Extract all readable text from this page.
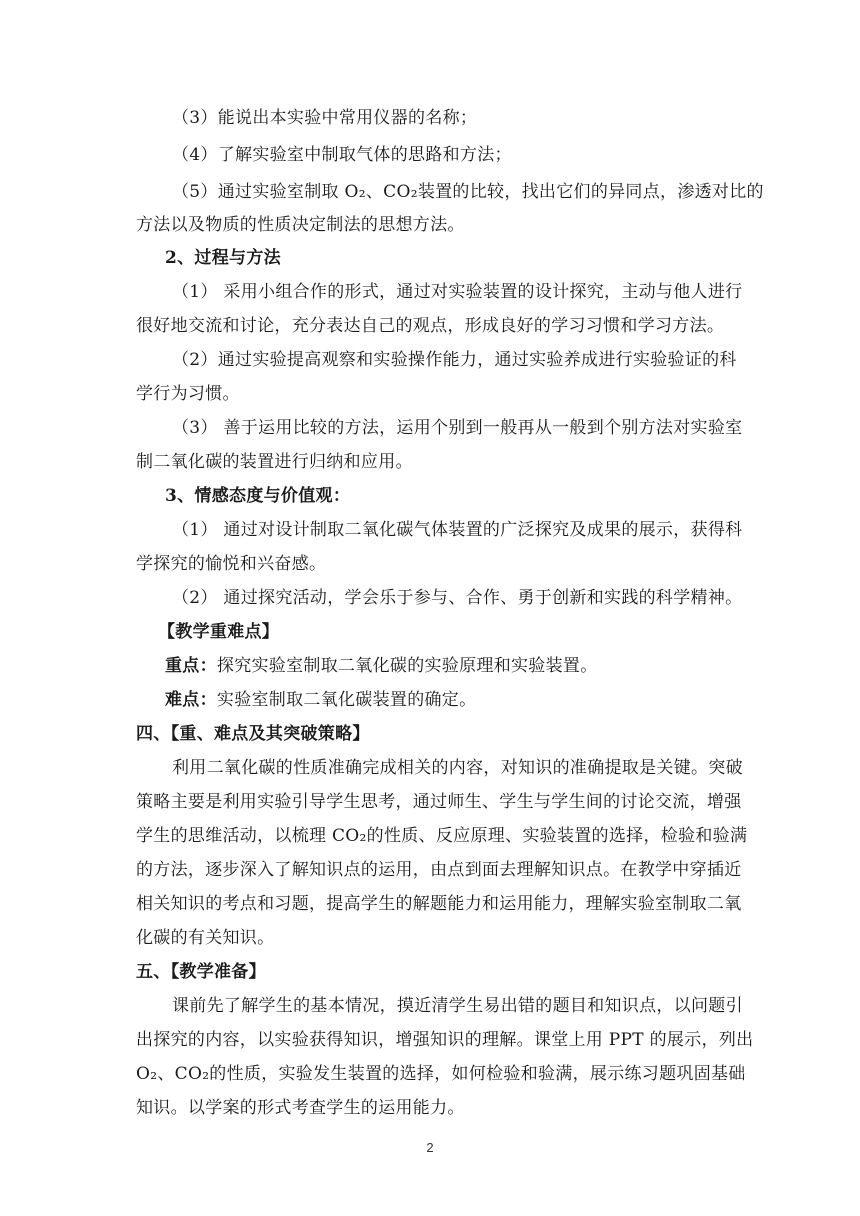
（3）能说出本实验中常用仪器的名称；
（4）了解实验室中制取气体的思路和方法；
（5）通过实验室制取 O₂、CO₂装置的比较，找出它们的异同点，渗透对比的
方法以及物质的性质决定制法的思想方法。
2、过程与方法
（1） 采用小组合作的形式，通过对实验装置的设计探究，主动与他人进行
很好地交流和讨论，充分表达自己的观点，形成良好的学习习惯和学习方法。
（2）通过实验提高观察和实验操作能力，通过实验养成进行实验验证的科
学行为习惯。
（3） 善于运用比较的方法，运用个别到一般再从一般到个别方法对实验室
制二氧化碳的装置进行归纳和应用。
3、情感态度与价值观：
（1） 通过对设计制取二氧化碳气体装置的广泛探究及成果的展示，获得科
学探究的愉悦和兴奋感。
（2） 通过探究活动，学会乐于参与、合作、勇于创新和实践的科学精神。
【教学重难点】
重点：探究实验室制取二氧化碳的实验原理和实验装置。
难点：实验室制取二氧化碳装置的确定。
四、【重、难点及其突破策略】
利用二氧化碳的性质准确完成相关的内容，对知识的准确提取是关键。突破
策略主要是利用实验引导学生思考，通过师生、学生与学生间的讨论交流，增强
学生的思维活动，以梳理 CO₂的性质、反应原理、实验装置的选择，检验和验满
的方法，逐步深入了解知识点的运用，由点到面去理解知识点。在教学中穿插近
相关知识的考点和习题，提高学生的解题能力和运用能力，理解实验室制取二氧
化碳的有关知识。
五、【教学准备】
课前先了解学生的基本情况，摸近清学生易出错的题目和知识点，以问题引
出探究的内容，以实验获得知识，增强知识的理解。课堂上用 PPT 的展示，列出
O₂、CO₂的性质，实验发生装置的选择，如何检验和验满，展示练习题巩固基础
知识。以学案的形式考查学生的运用能力。
2
